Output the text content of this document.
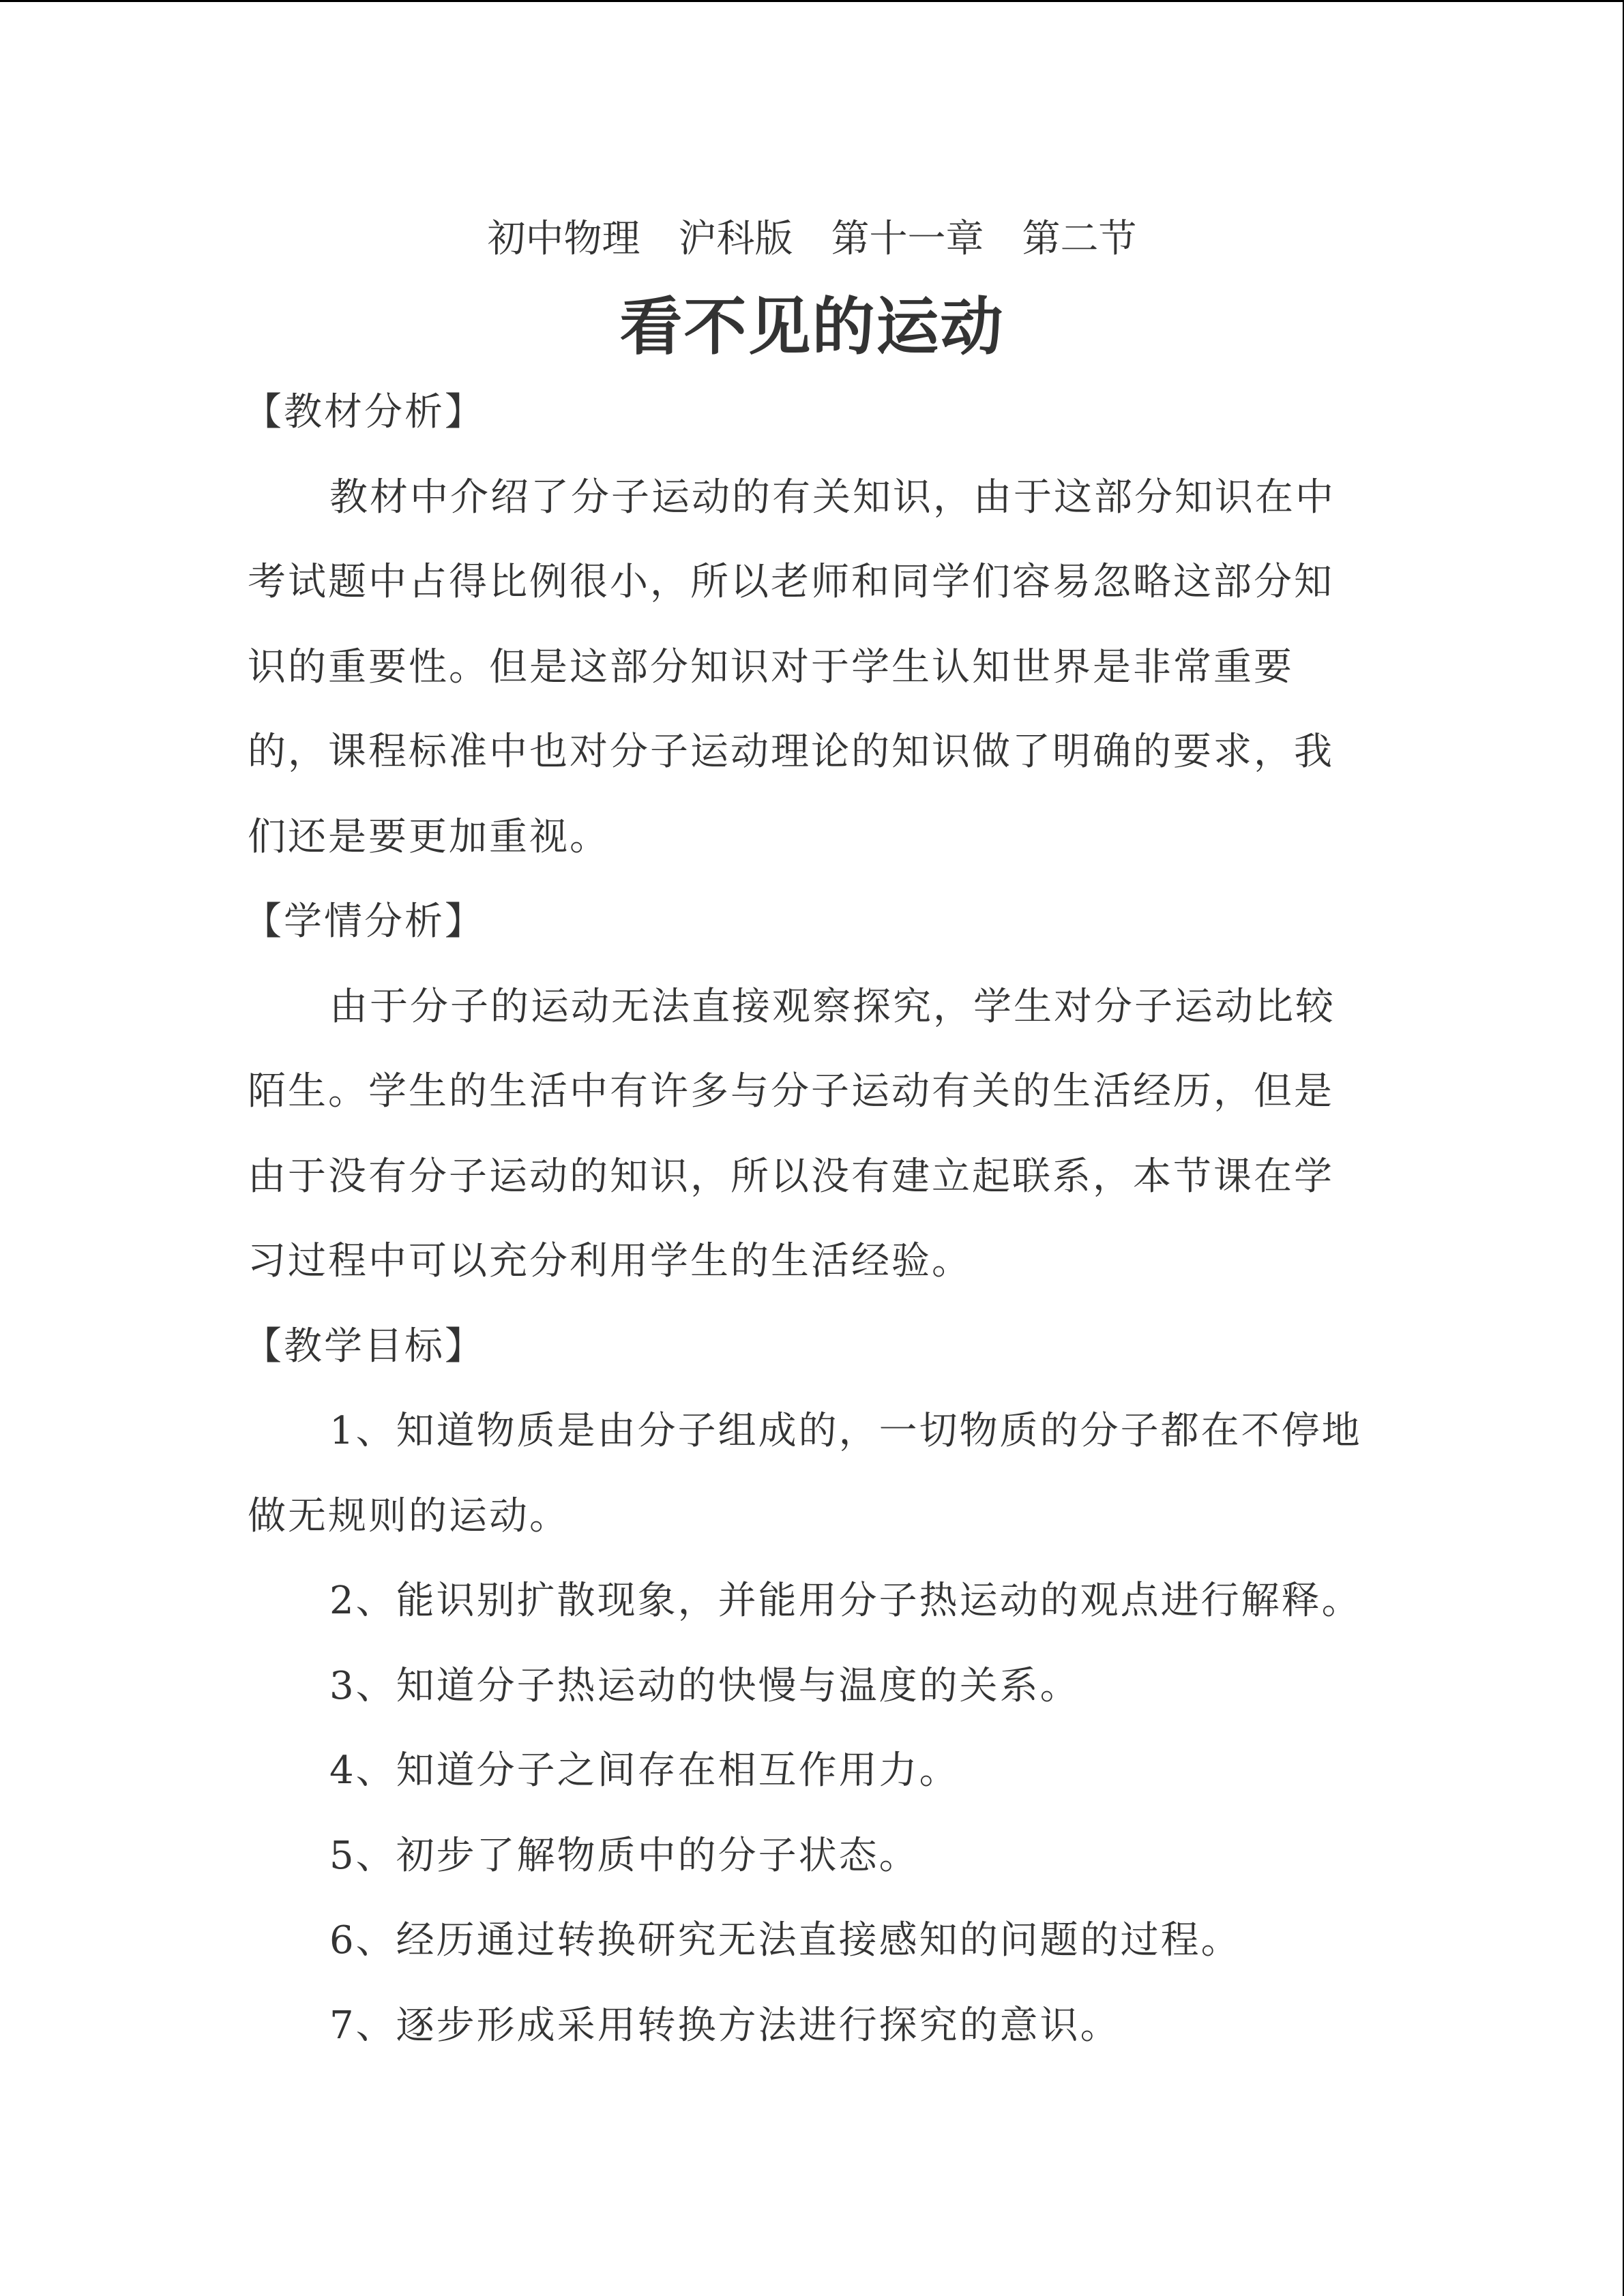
初中物理　沪科版　第十一章　第二节
看不见的运动
【教材分析】
教材中介绍了分子运动的有关知识，由于这部分知识在中
考试题中占得比例很小，所以老师和同学们容易忽略这部分知
识的重要性。但是这部分知识对于学生认知世界是非常重要
的，课程标准中也对分子运动理论的知识做了明确的要求，我
们还是要更加重视。
【学情分析】
由于分子的运动无法直接观察探究，学生对分子运动比较
陌生。学生的生活中有许多与分子运动有关的生活经历，但是
由于没有分子运动的知识，所以没有建立起联系，本节课在学
习过程中可以充分利用学生的生活经验。
【教学目标】
1、知道物质是由分子组成的，一切物质的分子都在不停地
做无规则的运动。
2、能识别扩散现象，并能用分子热运动的观点进行解释。
3、知道分子热运动的快慢与温度的关系。
4、知道分子之间存在相互作用力。
5、初步了解物质中的分子状态。
6、经历通过转换研究无法直接感知的问题的过程。
7、逐步形成采用转换方法进行探究的意识。
